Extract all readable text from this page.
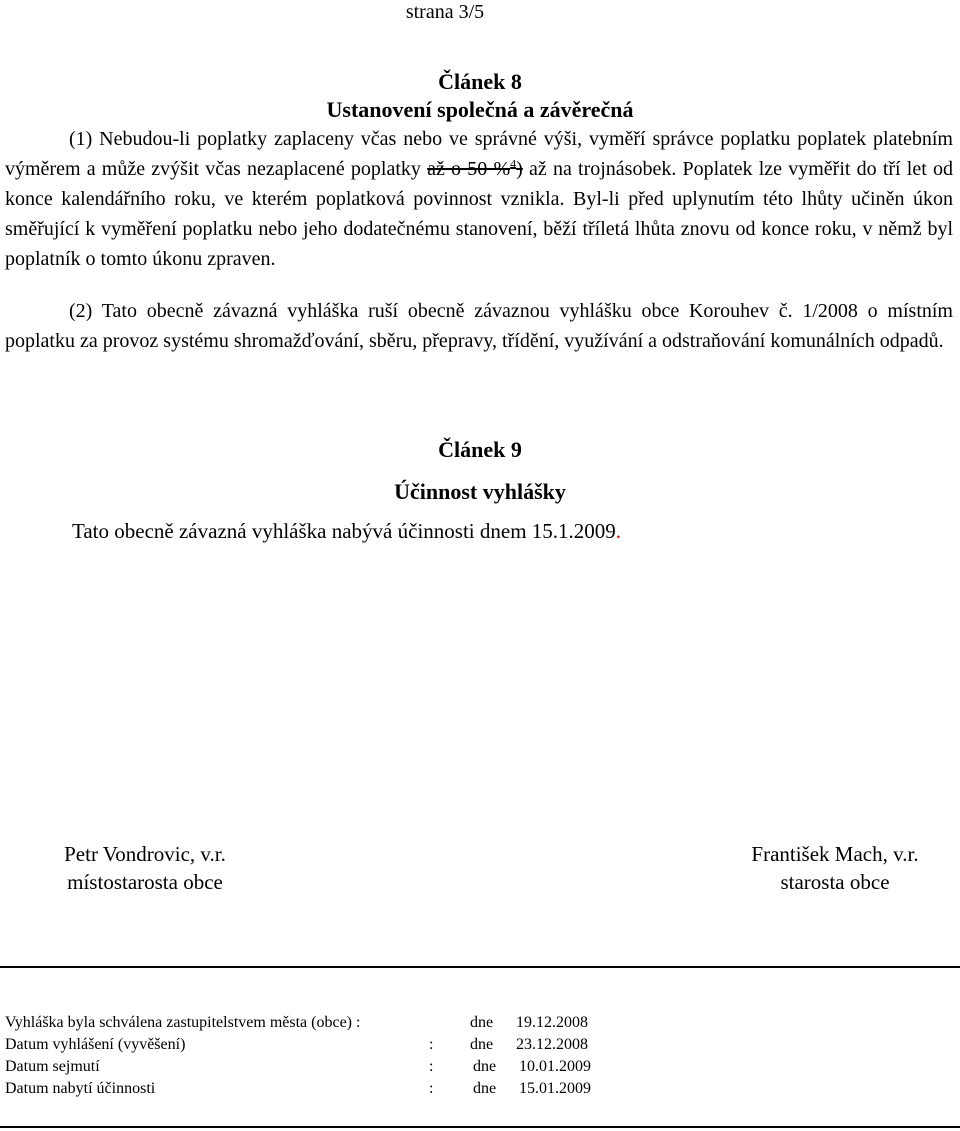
strana 3/5
Článek 8
Ustanovení společná a závěrečná

(1) Nebudou-li poplatky zaplaceny včas nebo ve správné výši, vyměří správce poplatku poplatek platebním výměrem a může zvýšit včas nezaplacené poplatky až o 50 %$^4$) až na trojnásobek. Poplatek lze vyměřit do tří let od konce kalendářního roku, ve kterém poplatková povinnost vznikla. Byl-li před uplynutím této lhůty učiněn úkon směřující k vyměření poplatku nebo jeho dodatečnému stanovení, běží tříletá lhůta znovu od konce roku, v němž byl poplatník o tomto úkonu zpraven.

(2) Tato obecně závazná vyhláška ruší obecně závaznou vyhlášku obce Korouhev č. 1/2008 o místním poplatku za provoz systému shromažďování, sběru, přepravy, třídění, využívání a odstraňování komunálních odpadů.

Článek 9
Účinnost vyhlášky
Tato obecně závazná vyhláška nabývá účinnosti dnem 15.1.2009.
Petr Vondrovic, v.r.
místostarosta obce
František Mach, v.r.
starosta obce
Vyhláška byla schválena zastupitelstvem města (obce) :	dne 19.12.2008
Datum vyhlášení (vyvěšení)	: dne 23.12.2008
Datum sejmutí	: dne 10.01.2009
Datum nabytí účinnosti	: dne 15.01.2009
